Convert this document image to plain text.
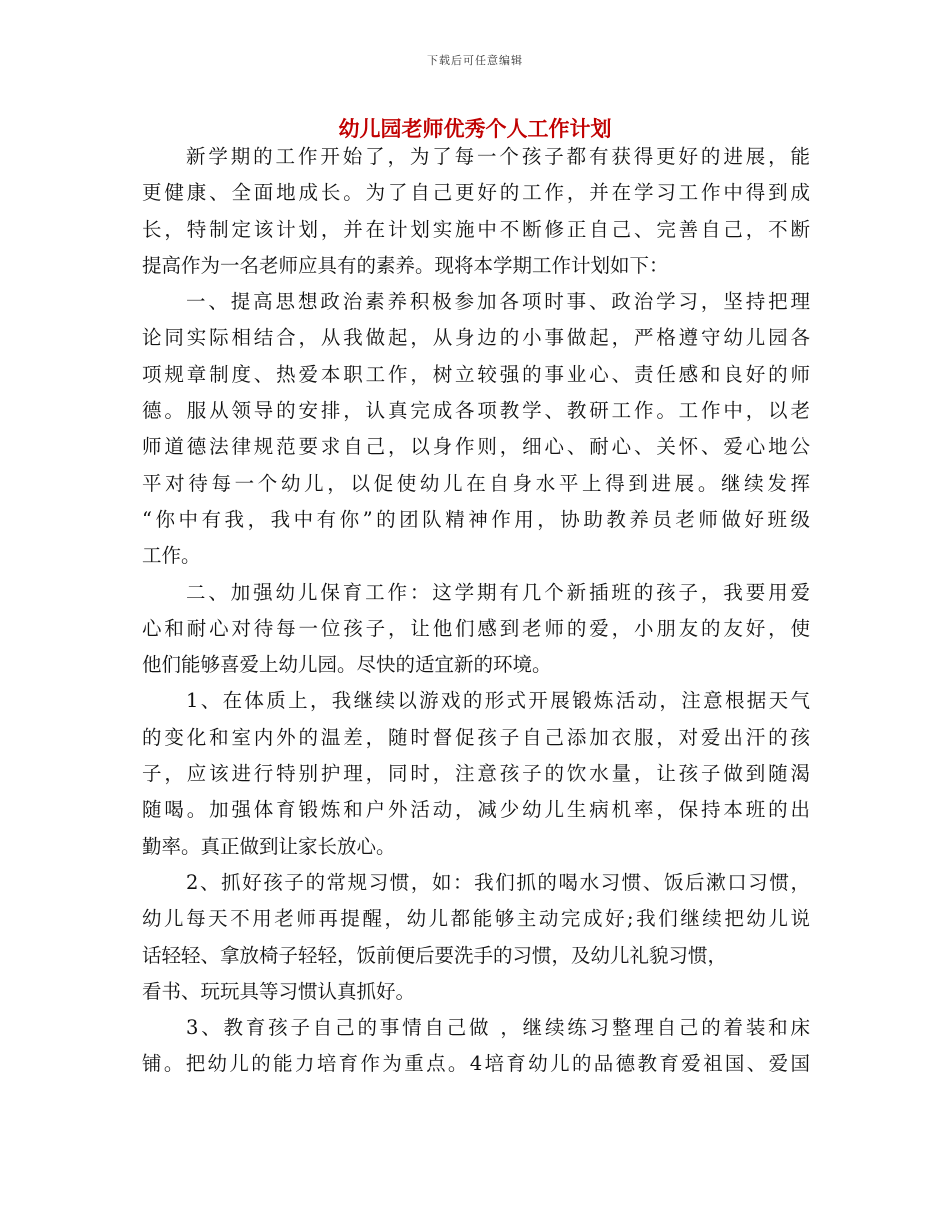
下载后可任意编辑
幼儿园老师优秀个人工作计划
新学期的工作开始了，为了每一个孩子都有获得更好的进展，能
更健康、全面地成长。为了自己更好的工作，并在学习工作中得到成
长，特制定该计划，并在计划实施中不断修正自己、完善自己，不断
提高作为一名老师应具有的素养。现将本学期工作计划如下：
一、提高思想政治素养积极参加各项时事、政治学习，坚持把理
论同实际相结合，从我做起，从身边的小事做起，严格遵守幼儿园各
项规章制度、热爱本职工作，树立较强的事业心、责任感和良好的师
德。服从领导的安排，认真完成各项教学、教研工作。工作中，以老
师道德法律规范要求自己，以身作则，细心、耐心、关怀、爱心地公
平对待每一个幼儿，以促使幼儿在自身水平上得到进展。继续发挥
“你中有我，我中有你”的团队精神作用，协助教养员老师做好班级
工作。
二、加强幼儿保育工作：这学期有几个新插班的孩子，我要用爱
心和耐心对待每一位孩子，让他们感到老师的爱，小朋友的友好，使
他们能够喜爱上幼儿园。尽快的适宜新的环境。
1、在体质上，我继续以游戏的形式开展锻炼活动，注意根据天气
的变化和室内外的温差，随时督促孩子自己添加衣服，对爱出汗的孩
子，应该进行特别护理，同时，注意孩子的饮水量，让孩子做到随渴
随喝。加强体育锻炼和户外活动，减少幼儿生病机率，保持本班的出
勤率。真正做到让家长放心。
2、抓好孩子的常规习惯，如：我们抓的喝水习惯、饭后漱口习惯，
幼儿每天不用老师再提醒，幼儿都能够主动完成好;我们继续把幼儿说
话轻轻、拿放椅子轻轻，饭前便后要洗手的习惯，及幼儿礼貌习惯，
看书、玩玩具等习惯认真抓好。
3、教育孩子自己的事情自己做 ，继续练习整理自己的着装和床
铺。把幼儿的能力培育作为重点。4培育幼儿的品德教育爱祖国、爱国
